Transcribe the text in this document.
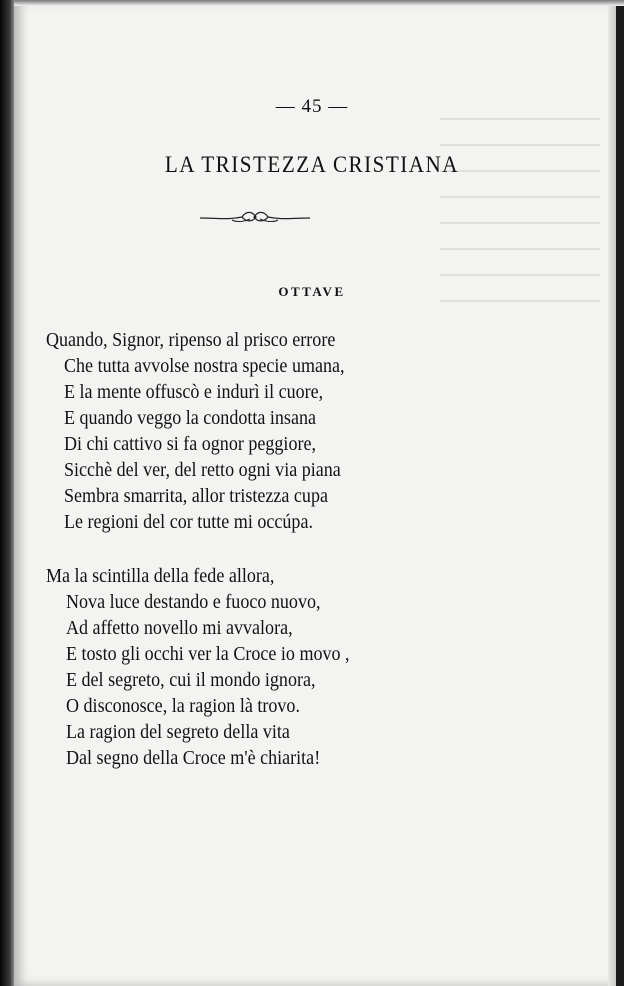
— 45 —
LA TRISTEZZA CRISTIANA
OTTAVE
Quando, Signor, ripenso al prisco errore
Che tutta avvolse nostra specie umana,
E la mente offuscò e indurì il cuore,
E quando veggo la condotta insana
Di chi cattivo si fa ognor peggiore,
Sicchè del ver, del retto ogni via piana
Sembra smarrita, allor tristezza cupa
Le regioni del cor tutte mi occúpa.
Ma la scintilla della fede allora,
Nova luce destando e fuoco nuovo,
Ad affetto novello mi avvalora,
E tosto gli occhi ver la Croce io movo ,
E del segreto, cui il mondo ignora,
O disconosce, la ragion là trovo.
La ragion del segreto della vita
Dal segno della Croce m'è chiarita!
